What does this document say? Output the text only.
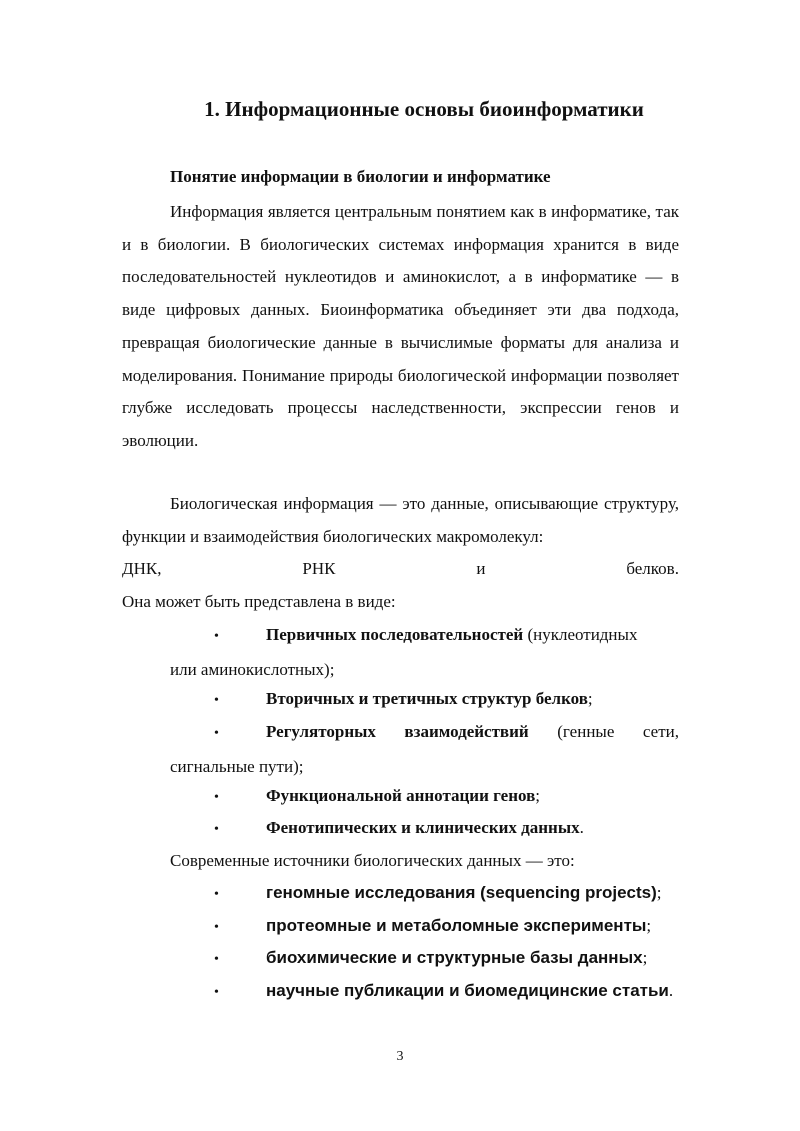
1. Информационные основы биоинформатики
Понятие информации в биологии и информатике

Информация является центральным понятием как в информатике, так и в биологии. В биологических системах информация хранится в виде последовательностей нуклеотидов и аминокислот, а в информатике — в виде цифровых данных. Биоинформатика объединяет эти два подхода, превращая биологические данные в вычислимые форматы для анализа и моделирования. Понимание природы биологической информации позволяет глубже исследовать процессы наследственности, экспрессии генов и эволюции.

Биологическая информация — это данные, описывающие структуру, функции и взаимодействия биологических макромолекул:

ДНК,	РНК	и	белков.
Она может быть представлена в виде:
•	Первичных последовательностей (нуклеотидных
или аминокислотных);
•	Вторичных и третичных структур белков;
•	Регуляторных взаимодействий (генные сети,
сигнальные пути);
•	Функциональной аннотации генов;
•	Фенотипических и клинических данных.
Современные источники биологических данных — это:
•	геномные исследования (sequencing projects);
•	протеомные и метаболомные эксперименты;
•	биохимические и структурные базы данных;
•	научные публикации и биомедицинские статьи.
3
